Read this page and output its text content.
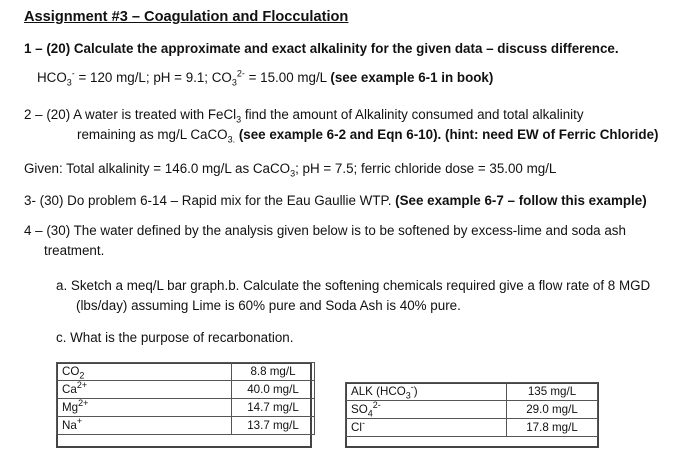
Assignment #3 – Coagulation and Flocculation
1 – (20) Calculate the approximate and exact alkalinity for the given data – discuss difference.
$HCO_3^- = 120$ mg/L; pH = 9.1; $CO_3^{2-} = 15.00$ mg/L (see example 6-1 in book)
2 – (20) A water is treated with FeCl$_3$ find the amount of Alkalinity consumed and total alkalinity
remaining as mg/L CaCO$_{3.}$ (see example 6-2 and Eqn 6-10). (hint: need EW of Ferric Chloride)
Given: Total alkalinity = 146.0 mg/L as CaCO$_3$; pH = 7.5; ferric chloride dose = 35.00 mg/L
3- (30) Do problem 6-14 – Rapid mix for the Eau Gaullie WTP. (See example 6-7 – follow this example)
4 – (30) The water defined by the analysis given below is to be softened by excess-lime and soda ash
treatment.
a. Sketch a meq/L bar graph.b. Calculate the softening chemicals required give a flow rate of 8 MGD
(lbs/day) assuming Lime is 60% pure and Soda Ash is 40% pure.
c. What is the purpose of recarbonation.
$CO_2$	8.8 mg/L
$Ca^{2+}$	40.0 mg/L
$Mg^{2+}$	14.7 mg/L
Na+	13.7 mg/L
ALK $(HCO_3^-)$	135 mg/L
$SO_4^{2-}$	29.0 mg/L
Cl-	17.8 mg/L
